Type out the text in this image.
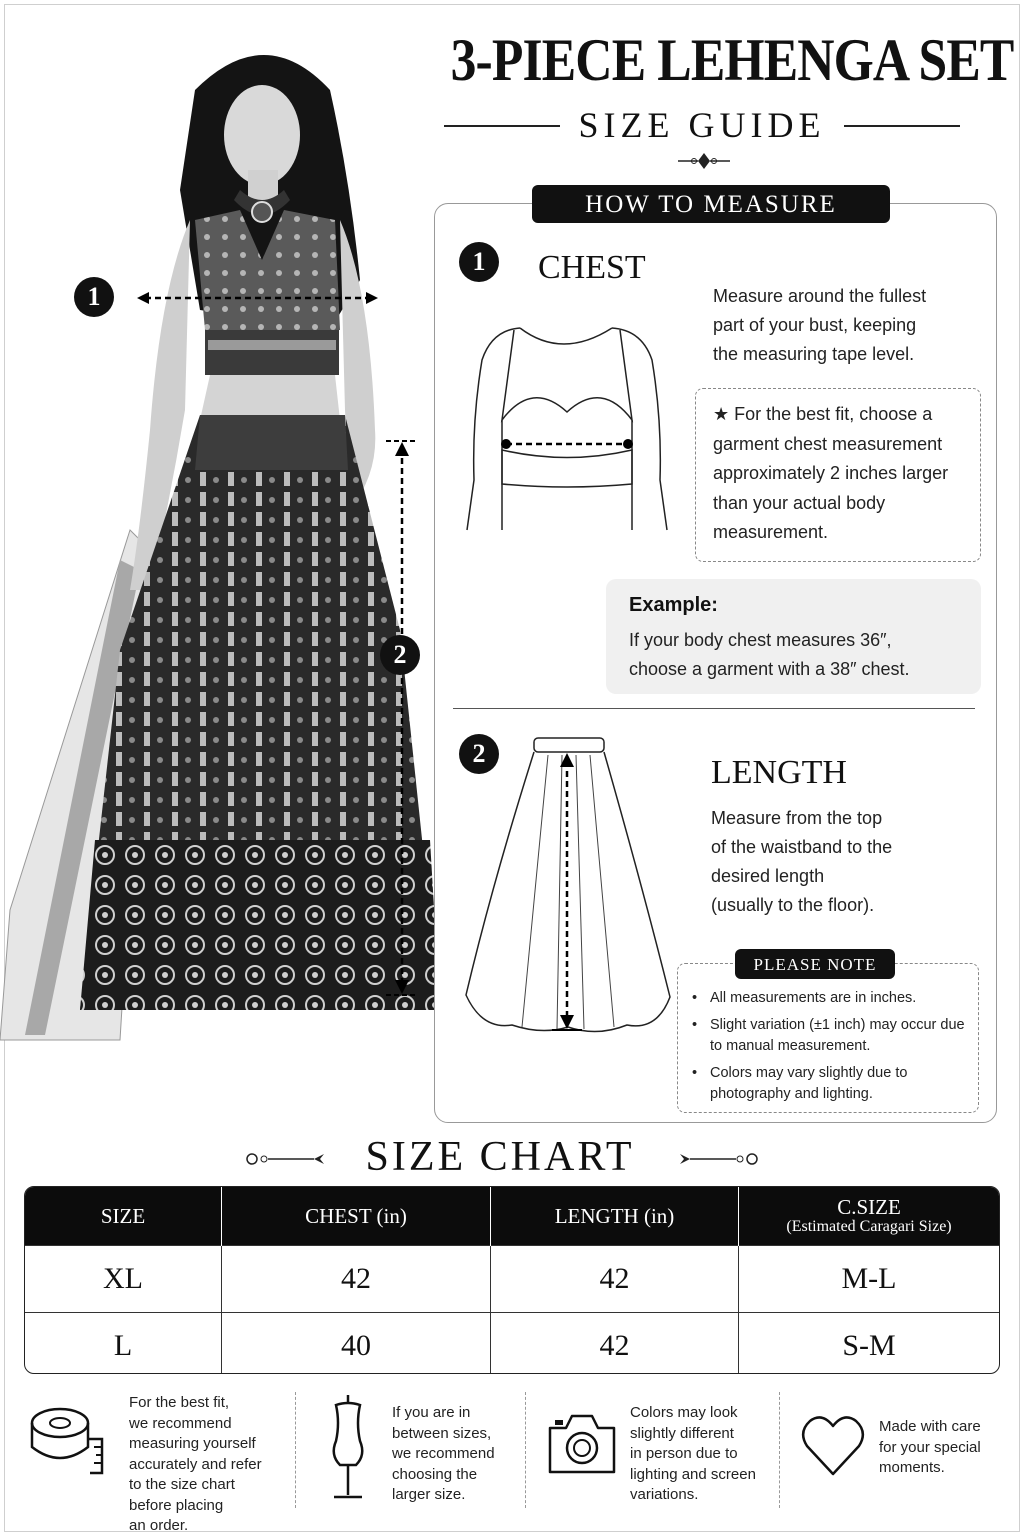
3-PIECE LEHENGA SET
SIZE GUIDE
1
2
HOW TO MEASURE
1	CHEST
Measure around the fullest
part of your bust, keeping
the measuring tape level.
★ For the best fit, choose a
garment chest measurement
approximately 2 inches larger
than your actual body
measurement.
Example:
If your body chest measures 36″,
choose a garment with a 38″ chest.
2
LENGTH
Measure from the top
of the waistband to the
desired length
(usually to the floor).
PLEASE NOTE
• All measurements are in inches.
• Slight variation (±1 inch) may occur due to manual measurement.
• Colors may vary slightly due to photography and lighting.
SIZE CHART
SIZE	CHEST (in)	LENGTH (in)	C.SIZE
(Estimated Caragari Size)

XL	42	42	M-L
L	40	42	S-M
For the best fit,
we recommend
measuring yourself
accurately and refer
to the size chart
before placing
an order.
If you are in
between sizes,
we recommend
choosing the
larger size.
Colors may look
slightly different
in person due to
lighting and screen
variations.
Made with care
for your special
moments.
